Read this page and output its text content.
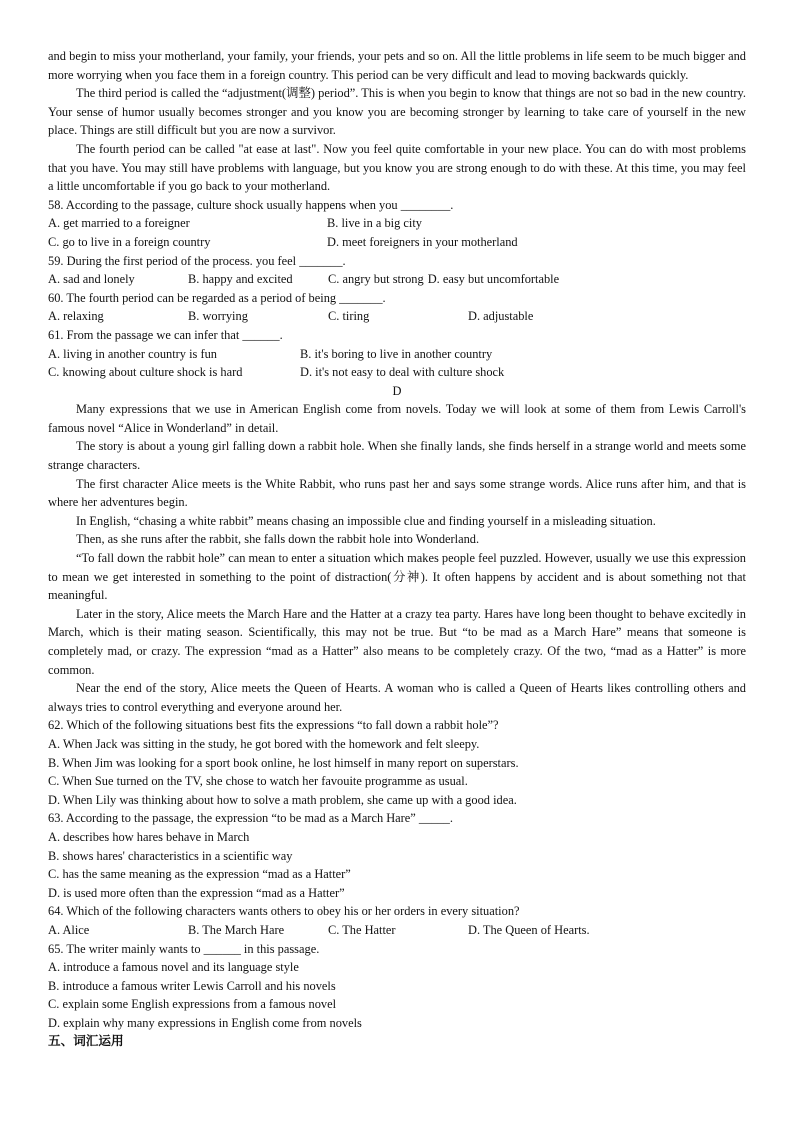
and begin to miss your motherland, your family, your friends, your pets and so on. All the little problems in life seem to be much bigger and more worrying when you face them in a foreign country. This period can be very difficult and lead to moving backwards quickly.

The third period is called the “adjustment(调整) period”. This is when you begin to know that things are not so bad in the new country. Your sense of humor usually becomes stronger and you know you are becoming stronger by learning to take care of yourself in the new place. Things are still difficult but you are now a survivor.

The fourth period can be called "at ease at last". Now you feel quite comfortable in your new place. You can do with most problems that you have. You may still have problems with language, but you know you are strong enough to do with these. At this time, you may feel a little uncomfortable if you go back to your motherland.

58. According to the passage, culture shock usually happens when you ________.

A. get married to a foreigner	B. live in a big city
C. go to live in a foreign country	D. meet foreigners in your motherland

59. During the first period of the process. you feel _______.

A. sad and lonely	B. happy and excited	C. angry but strong D. easy but uncomfortable

60. The fourth period can be regarded as a period of being _______.

A. relaxing	B. worrying	C. tiring	D. adjustable

61. From the passage we can infer that ______.

A. living in another country is fun	B. it's boring to live in another country
C. knowing about culture shock is hard	D. it's not easy to deal with culture shock

D

Many expressions that we use in American English come from novels. Today we will look at some of them from Lewis Carroll's famous novel “Alice in Wonderland” in detail.

The story is about a young girl falling down a rabbit hole. When she finally lands, she finds herself in a strange world and meets some strange characters.

The first character Alice meets is the White Rabbit, who runs past her and says some strange words. Alice runs after him, and that is where her adventures begin.

In English, “chasing a white rabbit” means chasing an impossible clue and finding yourself in a misleading situation.

Then, as she runs after the rabbit, she falls down the rabbit hole into Wonderland.

“To fall down the rabbit hole” can mean to enter a situation which makes people feel puzzled. However, usually we use this expression to mean we get interested in something to the point of distraction(分神). It often happens by accident and is about something not that meaningful.

Later in the story, Alice meets the March Hare and the Hatter at a crazy tea party. Hares have long been thought to behave excitedly in March, which is their mating season. Scientifically, this may not be true. But “to be mad as a March Hare” means that someone is completely mad, or crazy. The expression “mad as a Hatter” also means to be completely crazy. Of the two, “mad as a Hatter” is more common.

Near the end of the story, Alice meets the Queen of Hearts. A woman who is called a Queen of Hearts likes controlling others and always tries to control everything and everyone around her.

62. Which of the following situations best fits the expressions “to fall down a rabbit hole”?

A. When Jack was sitting in the study, he got bored with the homework and felt sleepy.

B. When Jim was looking for a sport book online, he lost himself in many report on superstars.

C. When Sue turned on the TV, she chose to watch her favouite programme as usual.

D. When Lily was thinking about how to solve a math problem, she came up with a good idea.

63. According to the passage, the expression “to be mad as a March Hare” _____.

A. describes how hares behave in March

B. shows hares' characteristics in a scientific way

C. has the same meaning as the expression “mad as a Hatter”

D. is used more often than the expression “mad as a Hatter”

64. Which of the following characters wants others to obey his or her orders in every situation?

A. Alice	B. The March Hare	C. The Hatter	D. The Queen of Hearts.

65. The writer mainly wants to ______ in this passage.

A. introduce a famous novel and its language style

B. introduce a famous writer Lewis Carroll and his novels

C. explain some English expressions from a famous novel

D. explain why many expressions in English come from novels

五、词汇运用
